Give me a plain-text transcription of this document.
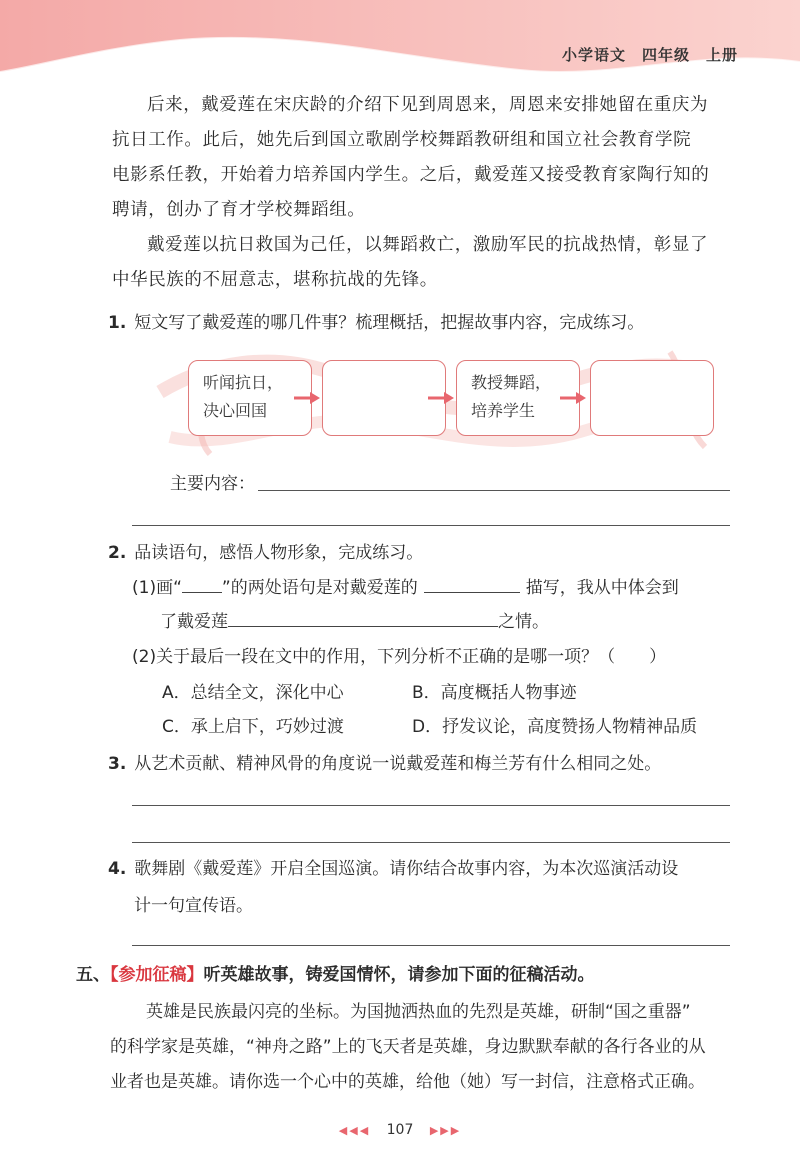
小学语文　四年级　上册
后来，戴爱莲在宋庆龄的介绍下见到周恩来，周恩来安排她留在重庆为
抗日工作。此后，她先后到国立歌剧学校舞蹈教研组和国立社会教育学院
电影系任教，开始着力培养国内学生。之后，戴爱莲又接受教育家陶行知的
聘请，创办了育才学校舞蹈组。
戴爱莲以抗日救国为己任，以舞蹈救亡，激励军民的抗战热情，彰显了
中华民族的不屈意志，堪称抗战的先锋。
1. 短文写了戴爱莲的哪几件事？梳理概括，把握故事内容，完成练习。
听闻抗日，
决心回国
教授舞蹈，
培养学生
主要内容：
2. 品读语句，感悟人物形象，完成练习。
(1)画“ ”的两处语句是对戴爱莲的	描写，我从中体会到
了戴爱莲	之情。
(2)关于最后一段在文中的作用，下列分析不正确的是哪一项？（　　）
A．总结全文，深化中心	B．高度概括人物事迹
C．承上启下，巧妙过渡	D．抒发议论，高度赞扬人物精神品质
3. 从艺术贡献、精神风骨的角度说一说戴爱莲和梅兰芳有什么相同之处。
4. 歌舞剧《戴爱莲》开启全国巡演。请你结合故事内容，为本次巡演活动设
计一句宣传语。
五、【参加征稿】听英雄故事，铸爱国情怀，请参加下面的征稿活动。
英雄是民族最闪亮的坐标。为国抛洒热血的先烈是英雄，研制“国之重器”
的科学家是英雄，“神舟之路”上的飞天者是英雄，身边默默奉献的各行各业的从
业者也是英雄。请你选一个心中的英雄，给他（她）写一封信，注意格式正确。
◀◀◀ 107 ▶▶▶
